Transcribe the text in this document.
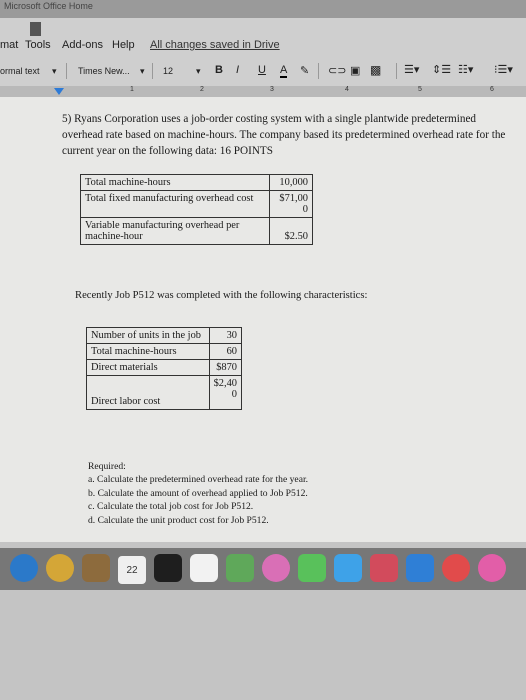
Microsoft Office Home
mat Tools Add-ons Help All changes saved in Drive
ormal text ▾ Times New... ▾ 12	▾ B I U A ✎ ⊂⊃ ▣ ▩ ☰▾ ⇕☰ ☷▾ ⁝☰▾
1	2	3	4	5	6
5) Ryans Corporation uses a job-order costing system with a single plantwide predetermined overhead rate based on machine-hours. The company based its predetermined overhead rate for the current year on the following data: 16 POINTS
Total machine-hours	10,000
Total fixed manufacturing overhead cost	$71,00 0
Variable manufacturing overhead per machine-hour	$2.50
Recently Job P512 was completed with the following characteristics:
Number of units in the job	30
Total machine-hours	60
Direct materials	$870
Direct labor cost	$2,40 0
Required:
a. Calculate the predetermined overhead rate for the year.
b. Calculate the amount of overhead applied to Job P512.
c. Calculate the total job cost for Job P512.
d. Calculate the unit product cost for Job P512.
22
